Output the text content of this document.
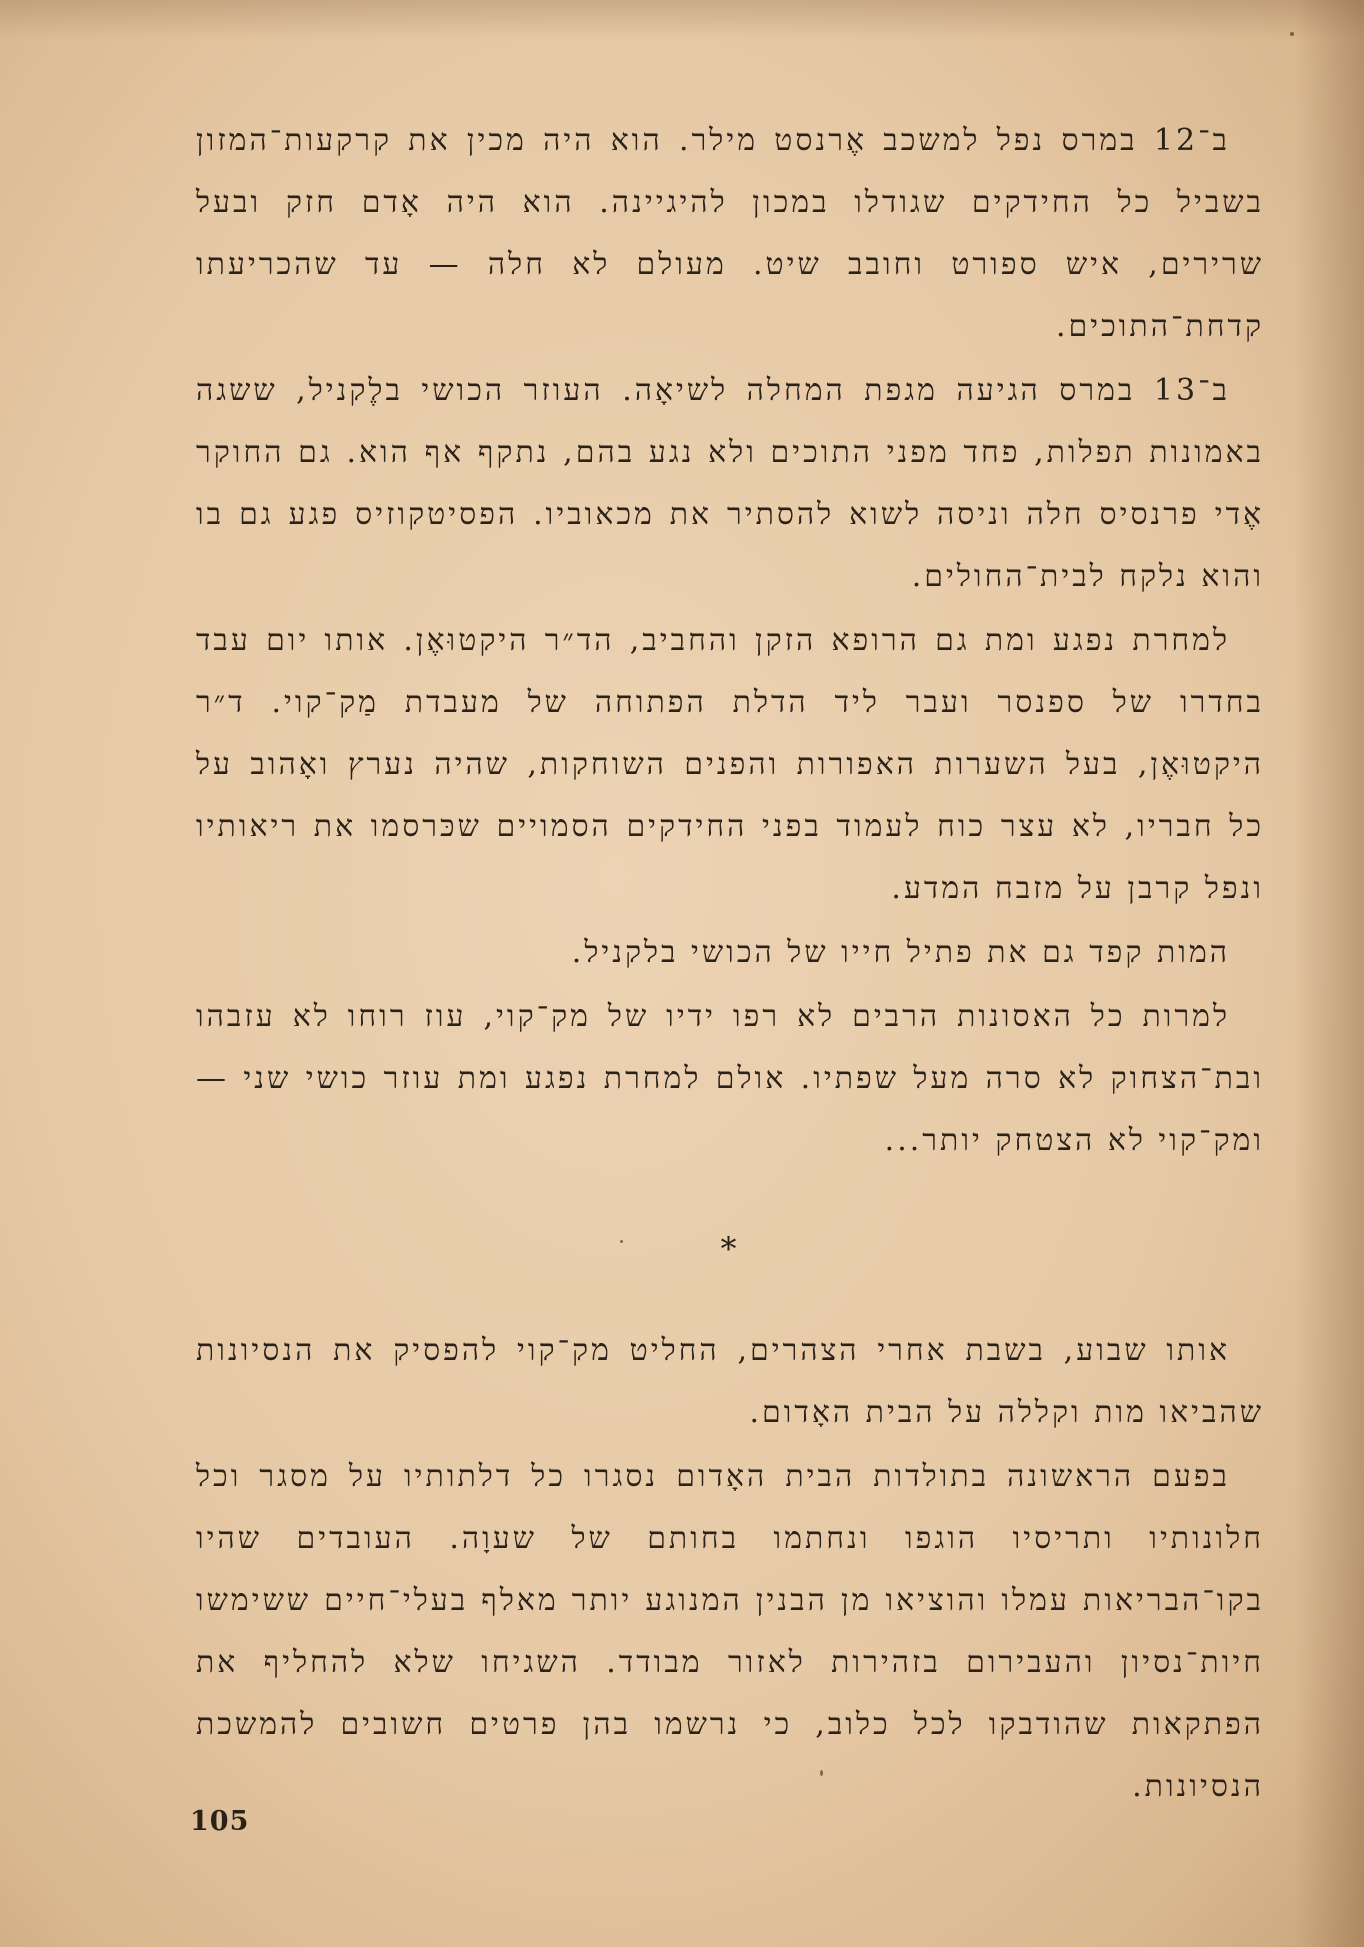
ב־12 במרס נפל למשכב אֶרנסט מילר. הוא היה מכין את קרקעות־המזון בשביל כל החידקים שגודלו במכון להיגיינה. הוא היה אָדם חזק ובעל שרירים, איש ספורט וחובב שיט. מעולם לא חלה — עד שהכריעתו קדחת־התוכים.

ב־13 במרס הגיעה מגפת המחלה לשיאָה. העוזר הכושי בלֶקניל, ששגה באמונות תפלות, פחד מפני התוכים ולא נגע בהם, נתקף אף הוא. גם החוקר אֶדי פרנסיס חלה וניסה לשוא להסתיר את מכאוביו. הפסיטקוזיס פגע גם בו והוא נלקח לבית־החולים.

למחרת נפגע ומת גם הרופא הזקן והחביב, הד״ר היקטוּאֶן. אותו יום עבד בחדרו של ספנסר ועבר ליד הדלת הפתוחה של מעבדת מַק־קוי. ד״ר היקטוּאֶן, בעל השערות האפורות והפנים השוחקות, שהיה נערץ ואָהוב על כל חבריו, לא עצר כוח לעמוד בפני החידקים הסמויים שכּרסמו את ריאותיו ונפל קרבן על מזבח המדע.

המות קפד גם את פתיל חייו של הכושי בלקניל.

למרות כל האסונות הרבים לא רפו ידיו של מק־קוי, עוז רוחו לא עזבהו ובת־הצחוק לא סרה מעל שפתיו. אולם למחרת נפגע ומת עוזר כושי שני — ומק־קוי לא הצטחק יותר...

*

אותו שבוע, בשבת אחרי הצהרים, החליט מק־קוי להפסיק את הנסיונות שהביאו מות וקללה על הבית האָדום.

בפעם הראשונה בתולדות הבית האָדום נסגרו כל דלתותיו על מסגר וכל חלונותיו ותריסיו הוגפו ונחתמו בחותם של שעוָה. העובדים שהיו בקו־הבריאות עמלו והוציאו מן הבנין המנוגע יותר מאלף בעלי־חיים ששימשו חיות־נסיון והעבירום בזהירות לאזור מבודד. השגיחו שלא להחליף את הפתקאות שהודבקו לכל כלוב, כי נרשמו בהן פרטים חשובים להמשכת הנסיונות.

105
